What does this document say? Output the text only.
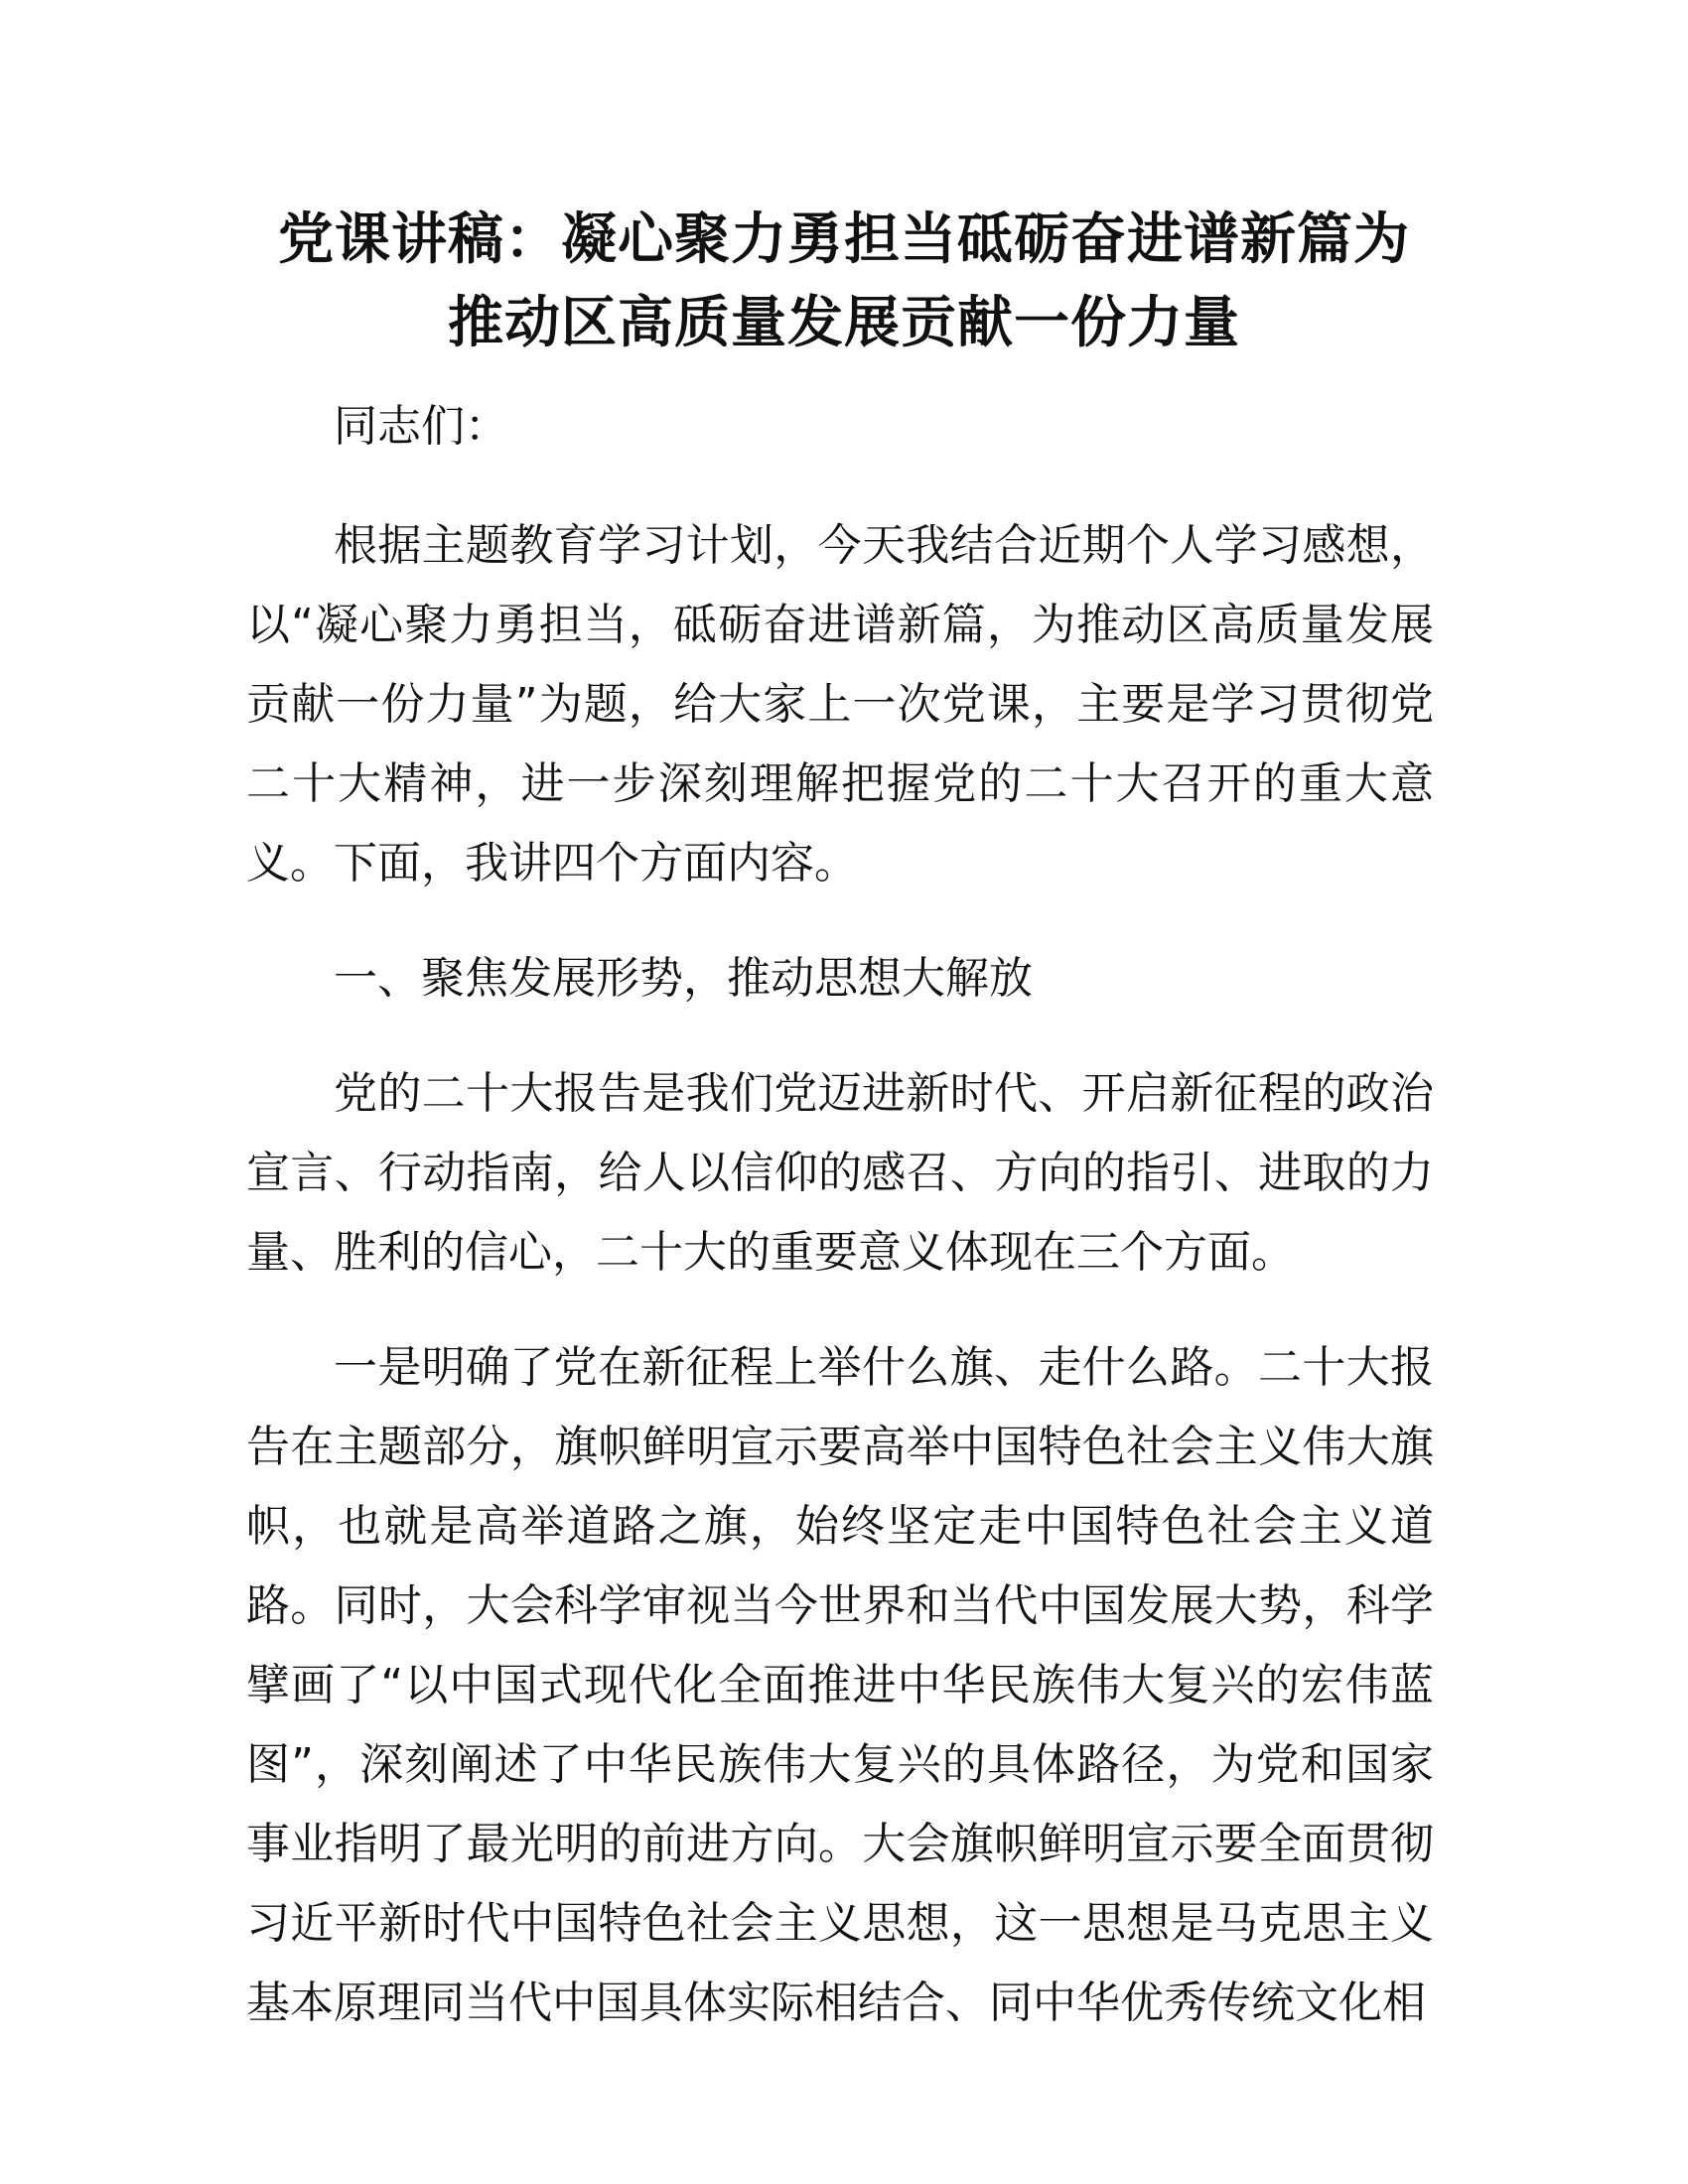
党课讲稿：凝心聚力勇担当砥砺奋进谱新篇为
推动区高质量发展贡献一份力量

同志们：

根据主题教育学习计划，今天我结合近期个人学习感想，以“凝心聚力勇担当，砥砺奋进谱新篇，为推动区高质量发展贡献一份力量”为题，给大家上一次党课，主要是学习贯彻党二十大精神，进一步深刻理解把握党的二十大召开的重大意义。下面，我讲四个方面内容。

一、聚焦发展形势，推动思想大解放

党的二十大报告是我们党迈进新时代、开启新征程的政治宣言、行动指南，给人以信仰的感召、方向的指引、进取的力量、胜利的信心，二十大的重要意义体现在三个方面。

一是明确了党在新征程上举什么旗、走什么路。二十大报告在主题部分，旗帜鲜明宣示要高举中国特色社会主义伟大旗帜，也就是高举道路之旗，始终坚定走中国特色社会主义道路。同时，大会科学审视当今世界和当代中国发展大势，科学擘画了“以中国式现代化全面推进中华民族伟大复兴的宏伟蓝图”，深刻阐述了中华民族伟大复兴的具体路径，为党和国家事业指明了最光明的前进方向。大会旗帜鲜明宣示要全面贯彻习近平新时代中国特色社会主义思想，这一思想是马克思主义基本原理同当代中国具体实际相结合、同中华优秀传统文化相
